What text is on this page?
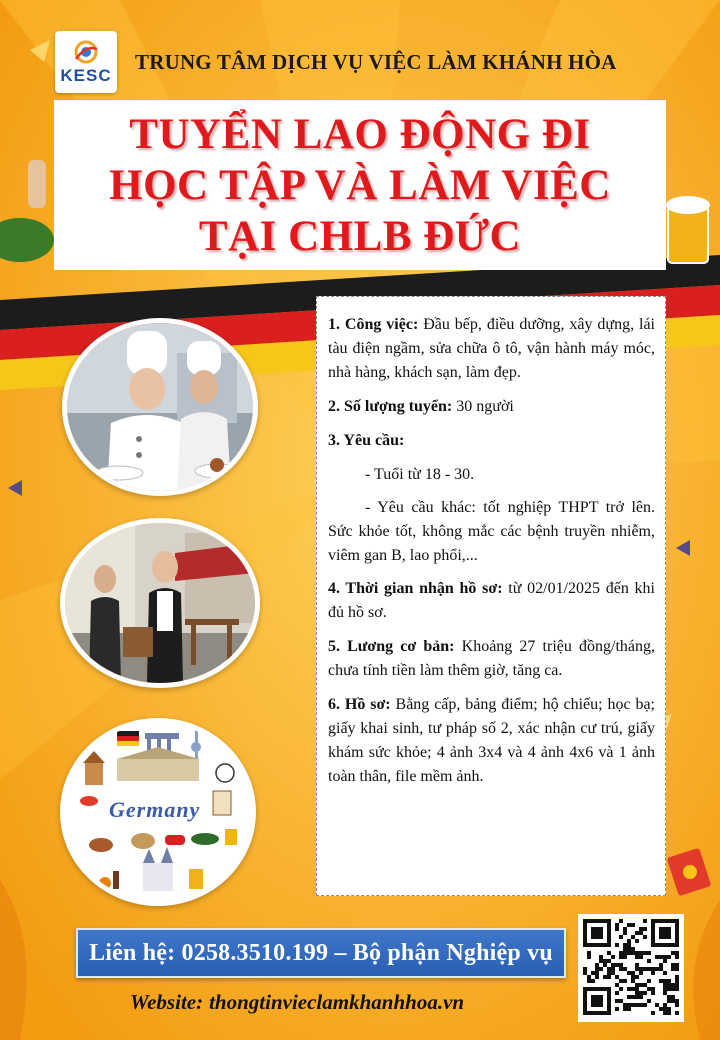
KESC
TRUNG TÂM DỊCH VỤ VIỆC LÀM KHÁNH HÒA
TUYỂN LAO ĐỘNG ĐI
HỌC TẬP VÀ LÀM VIỆC
TẠI CHLB ĐỨC
Germany

1. Công việc: Đầu bếp, điều dưỡng, xây dựng, lái tàu điện ngầm, sửa chữa ô tô, vận hành máy móc, nhà hàng, khách sạn, làm đẹp.

2. Số lượng tuyển: 30 người

3. Yêu cầu:

- Tuổi từ 18 - 30.

- Yêu cầu khác: tốt nghiệp THPT trở lên. Sức khỏe tốt, không mắc các bệnh truyền nhiễm, viêm gan B, lao phổi,...

4. Thời gian nhận hồ sơ: từ 02/01/2025 đến khi đủ hồ sơ.

5. Lương cơ bản: Khoảng 27 triệu đồng/tháng, chưa tính tiền làm thêm giờ, tăng ca.

6. Hồ sơ: Bằng cấp, bảng điểm; hộ chiếu; học bạ; giấy khai sinh, tư pháp số 2, xác nhận cư trú, giấy khám sức khỏe; 4 ảnh 3x4 và 4 ảnh 4x6 và 1 ảnh toàn thân, file mềm ảnh.

Liên hệ: 0258.3510.199 – Bộ phận Nghiệp vụ
Website: thongtinvieclamkhanhhoa.vn
